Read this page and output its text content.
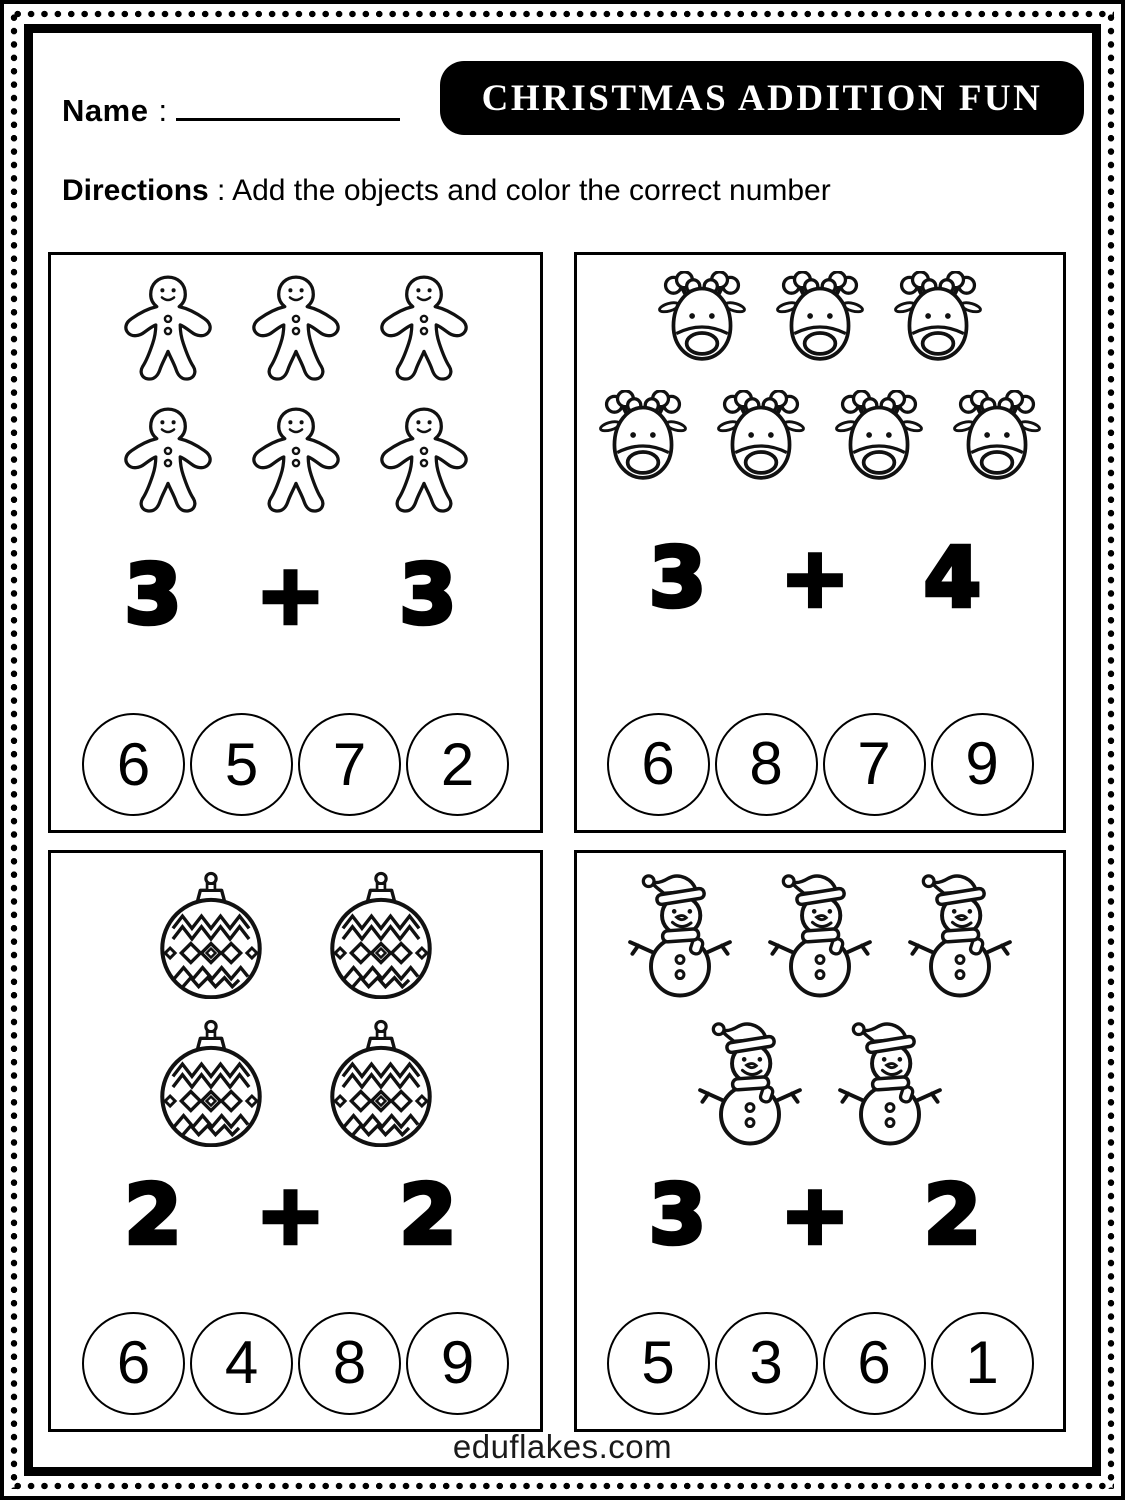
Name :	CHRISTMAS ADDITION FUN
Directions : Add the objects and color the correct number
3 + 3
6 5 7 2
3 + 4
6 8 7 9
2 + 2
6 4 8 9
3 + 2
5 3 6 1
eduflakes.com
